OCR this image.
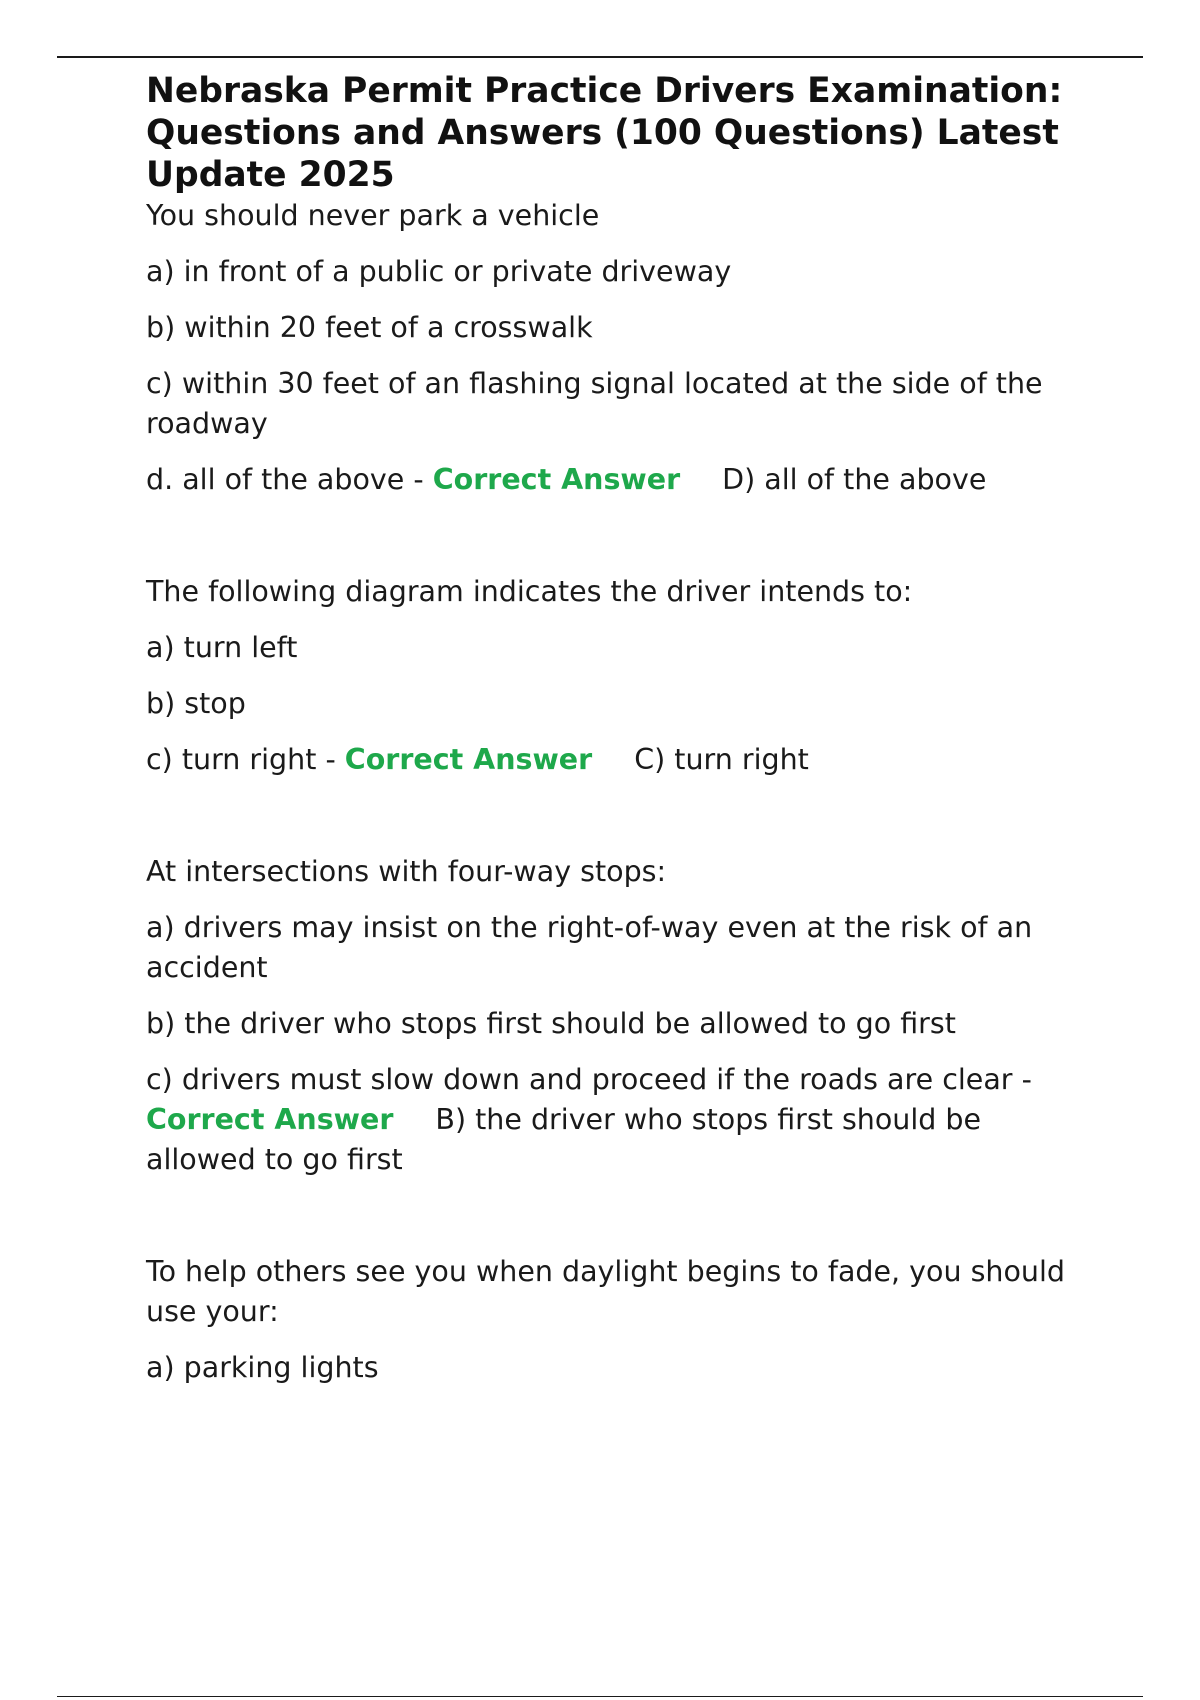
Nebraska Permit Practice Drivers Examination: Questions and Answers (100 Questions) Latest Update 2025

You should never park a vehicle

a) in front of a public or private driveway

b) within 20 feet of a crosswalk

c) within 30 feet of an flashing signal located at the side of the roadway

d. all of the above - Correct Answer D) all of the above

The following diagram indicates the driver intends to:

a) turn left

b) stop

c) turn right - Correct Answer C) turn right

At intersections with four-way stops:

a) drivers may insist on the right-of-way even at the risk of an accident

b) the driver who stops first should be allowed to go first

c) drivers must slow down and proceed if the roads are clear - Correct Answer B) the driver who stops first should be allowed to go first

To help others see you when daylight begins to fade, you should use your:

a) parking lights
